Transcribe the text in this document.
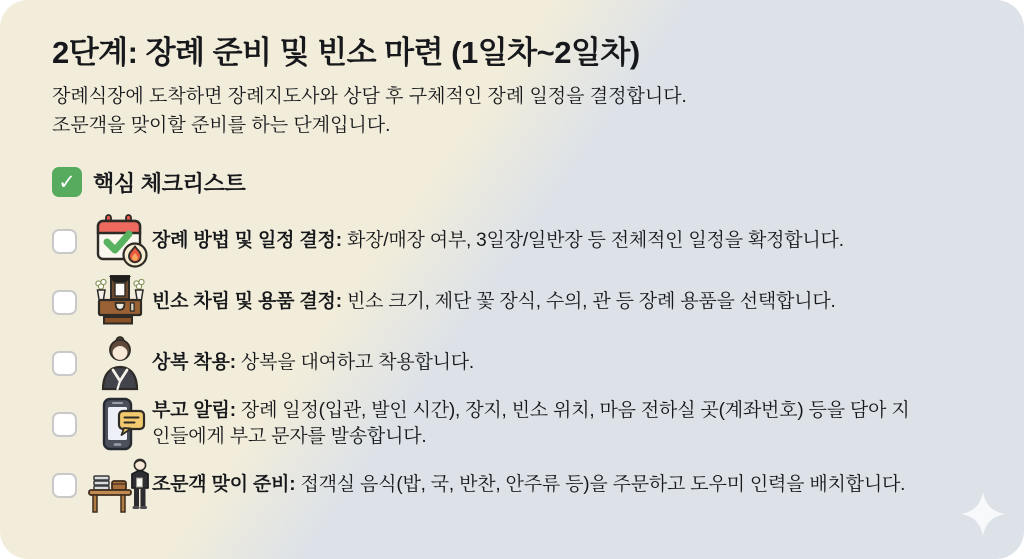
2단계: 장례 준비 및 빈소 마련 (1일차~2일차)

장례식장에 도착하면 장례지도사와 상담 후 구체적인 장례 일정을 결정합니다.
조문객을 맞이할 준비를 하는 단계입니다.

✓ 핵심 체크리스트

장례 방법 및 일정 결정: 화장/매장 여부, 3일장/일반장 등 전체적인 일정을 확정합니다.

빈소 차림 및 용품 결정: 빈소 크기, 제단 꽃 장식, 수의, 관 등 장례 용품을 선택합니다.

상복 착용: 상복을 대여하고 착용합니다.

부고 알림: 장례 일정(입관, 발인 시간), 장지, 빈소 위치, 마음 전하실 곳(계좌번호) 등을 담아 지인들에게 부고 문자를 발송합니다.

조문객 맞이 준비: 접객실 음식(밥, 국, 반찬, 안주류 등)을 주문하고 도우미 인력을 배치합니다.
